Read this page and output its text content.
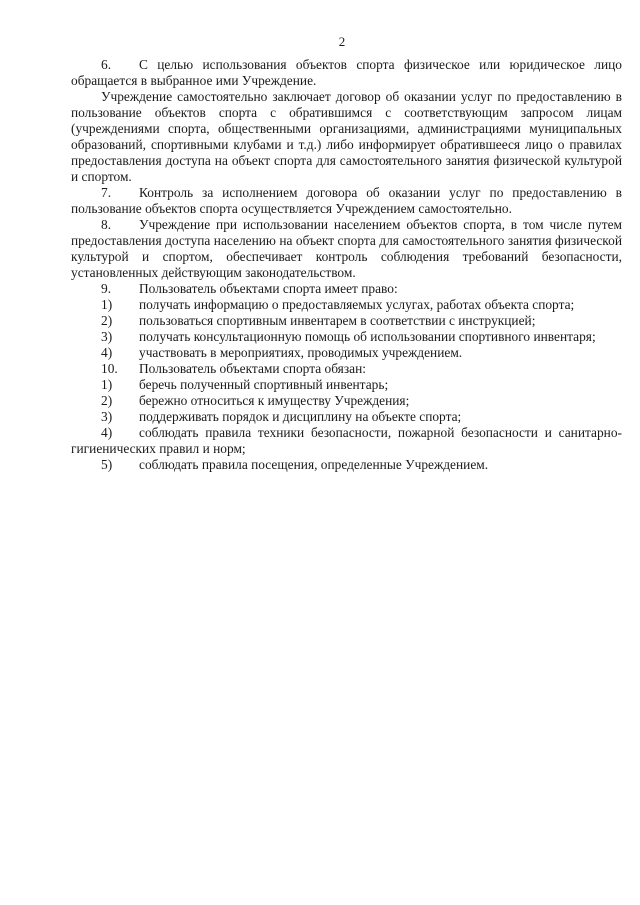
2

6. С целью использования объектов спорта физическое или юридическое лицо обращается в выбранное ими Учреждение.

Учреждение самостоятельно заключает договор об оказании услуг по предоставлению в пользование объектов спорта с обратившимся с соответствующим запросом лицам (учреждениями спорта, общественными организациями, администрациями муниципальных образований, спортивными клубами и т.д.) либо информирует обратившееся лицо о правилах предоставления доступа на объект спорта для самостоятельного занятия физической культурой и спортом.

7. Контроль за исполнением договора об оказании услуг по предоставлению в пользование объектов спорта осуществляется Учреждением самостоятельно.

8. Учреждение при использовании населением объектов спорта, в том числе путем предоставления доступа населению на объект спорта для самостоятельного занятия физической культурой и спортом, обеспечивает контроль соблюдения требований безопасности, установленных действующим законодательством.

9. Пользователь объектами спорта имеет право:

1) получать информацию о предоставляемых услугах, работах объекта спорта;

2) пользоваться спортивным инвентарем в соответствии с инструкцией;

3) получать консультационную помощь об использовании спортивного инвентаря;

4) участвовать в мероприятиях, проводимых учреждением.

10. Пользователь объектами спорта обязан:

1) беречь полученный спортивный инвентарь;

2) бережно относиться к имуществу Учреждения;

3) поддерживать порядок и дисциплину на объекте спорта;

4) соблюдать правила техники безопасности, пожарной безопасности и санитарно-гигиенических правил и норм;

5) соблюдать правила посещения, определенные Учреждением.
